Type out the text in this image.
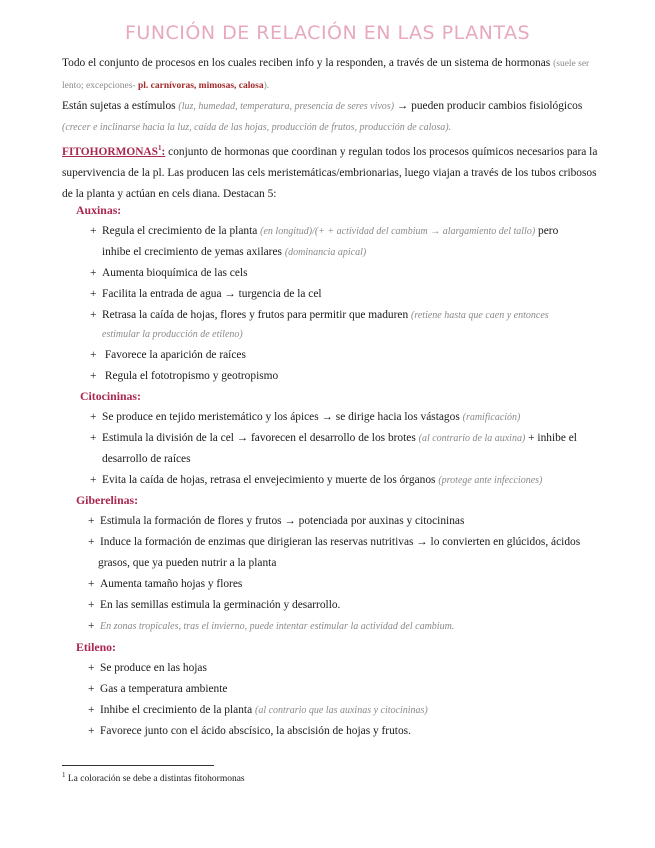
FUNCIÓN DE RELACIÓN EN LAS PLANTAS

Todo el conjunto de procesos en los cuales reciben info y la responden, a través de un sistema de hormonas (suele ser lento; excepciones- pl. carnívoras, mimosas, calosa).

Están sujetas a estímulos (luz, humedad, temperatura, presencia de seres vivos) → pueden producir cambios fisiológicos (crecer e inclinarse hacia la luz, caída de las hojas, producción de frutos, producción de calosa).

FITOHORMONAS$^1$: conjunto de hormonas que coordinan y regulan todos los procesos químicos necesarios para la supervivencia de la pl. Las producen las cels meristemáticas/embrionarias, luego viajan a través de los tubos cribosos de la planta y actúan en cels diana. Destacan 5:

Auxinas:
+ Regula el crecimiento de la planta (en longitud)/(+ + actividad del cambium → alargamiento del tallo) pero
inhibe el crecimiento de yemas axilares (dominancia apical)
+ Aumenta bioquímica de las cels
+ Facilita la entrada de agua → turgencia de la cel
+ Retrasa la caída de hojas, flores y frutos para permitir que maduren (retiene hasta que caen y entonces
estimular la producción de etileno)
+ Favorece la aparición de raíces
+ Regula el fototropismo y geotropismo
Citocininas:
+ Se produce en tejido meristemático y los ápices → se dirige hacia los vástagos (ramificación)
+ Estimula la división de la cel → favorecen el desarrollo de los brotes (al contrario de la auxina) + inhibe el
desarrollo de raíces
+ Evita la caída de hojas, retrasa el envejecimiento y muerte de los órganos (protege ante infecciones)
Giberelinas:
+ Estimula la formación de flores y frutos → potenciada por auxinas y citocininas
+ Induce la formación de enzimas que dirigieran las reservas nutritivas → lo convierten en glúcidos, ácidos
grasos, que ya pueden nutrir a la planta
+ Aumenta tamaño hojas y flores
+ En las semillas estimula la germinación y desarrollo.
+ En zonas tropicales, tras el invierno, puede intentar estimular la actividad del cambium.
Etileno:
+ Se produce en las hojas
+ Gas a temperatura ambiente
+ Inhibe el crecimiento de la planta (al contrario que las auxinas y citocininas)
+ Favorece junto con el ácido abscísico, la abscisión de hojas y frutos.
$^1$ La coloración se debe a distintas fitohormonas
